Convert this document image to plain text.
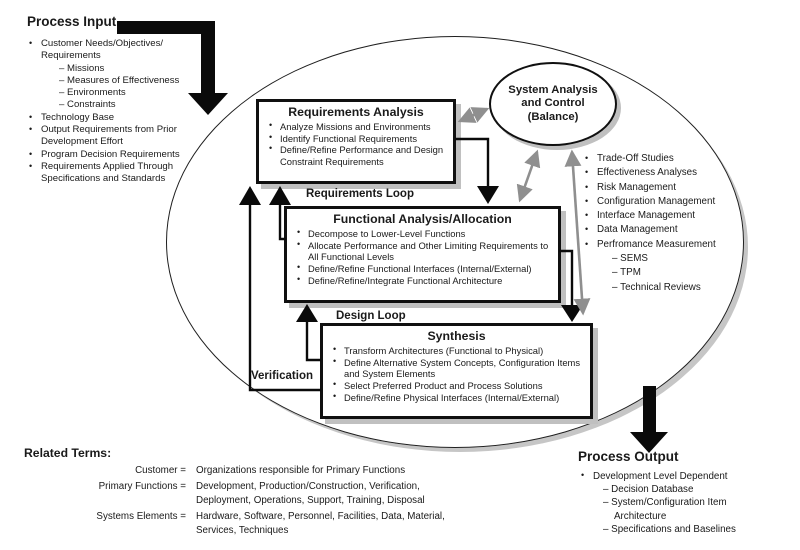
Process Input
• Customer Needs/Objectives/ Requirements
– Missions
– Measures of Effectiveness
– Environments
– Constraints
• Technology Base
• Output Requirements from Prior Development Effort
• Program Decision Requirements
• Requirements Applied Through Specifications and Standards
Requirements Analysis
• Analyze Missions and Environments
• Identify Functional Requirements
• Define/Refine Performance and Design Constraint Requirements
System Analysis
and Control
(Balance)
• Trade-Off Studies
• Effectiveness Analyses
• Risk Management
• Configuration Management
• Interface Management
• Data Management
• Perfromance Measurement
– SEMS
– TPM
– Technical Reviews
Functional Analysis/Allocation
• Decompose to Lower-Level Functions
• Allocate Performance and Other Limiting Requirements to All Functional Levels
• Define/Refine Functional Interfaces (Internal/External)
• Define/Refine/Integrate Functional Architecture
Synthesis
• Transform Architectures (Functional to Physical)
• Define Alternative System Concepts, Configuration Items and System Elements
• Select Preferred Product and Process Solutions
• Define/Refine Physical Interfaces (Internal/External)
Requirements Loop
Design Loop
Verification
Process Output
• Development Level Dependent
– Decision Database
– System/Configuration Item Architecture
– Specifications and Baselines
Related Terms:
Customer =	Organizations responsible for Primary Functions
Primary Functions =	Development, Production/Construction, Verification,
Deployment, Operations, Support, Training, Disposal
Systems Elements =	Hardware, Software, Personnel, Facilities, Data, Material,
Services, Techniques
